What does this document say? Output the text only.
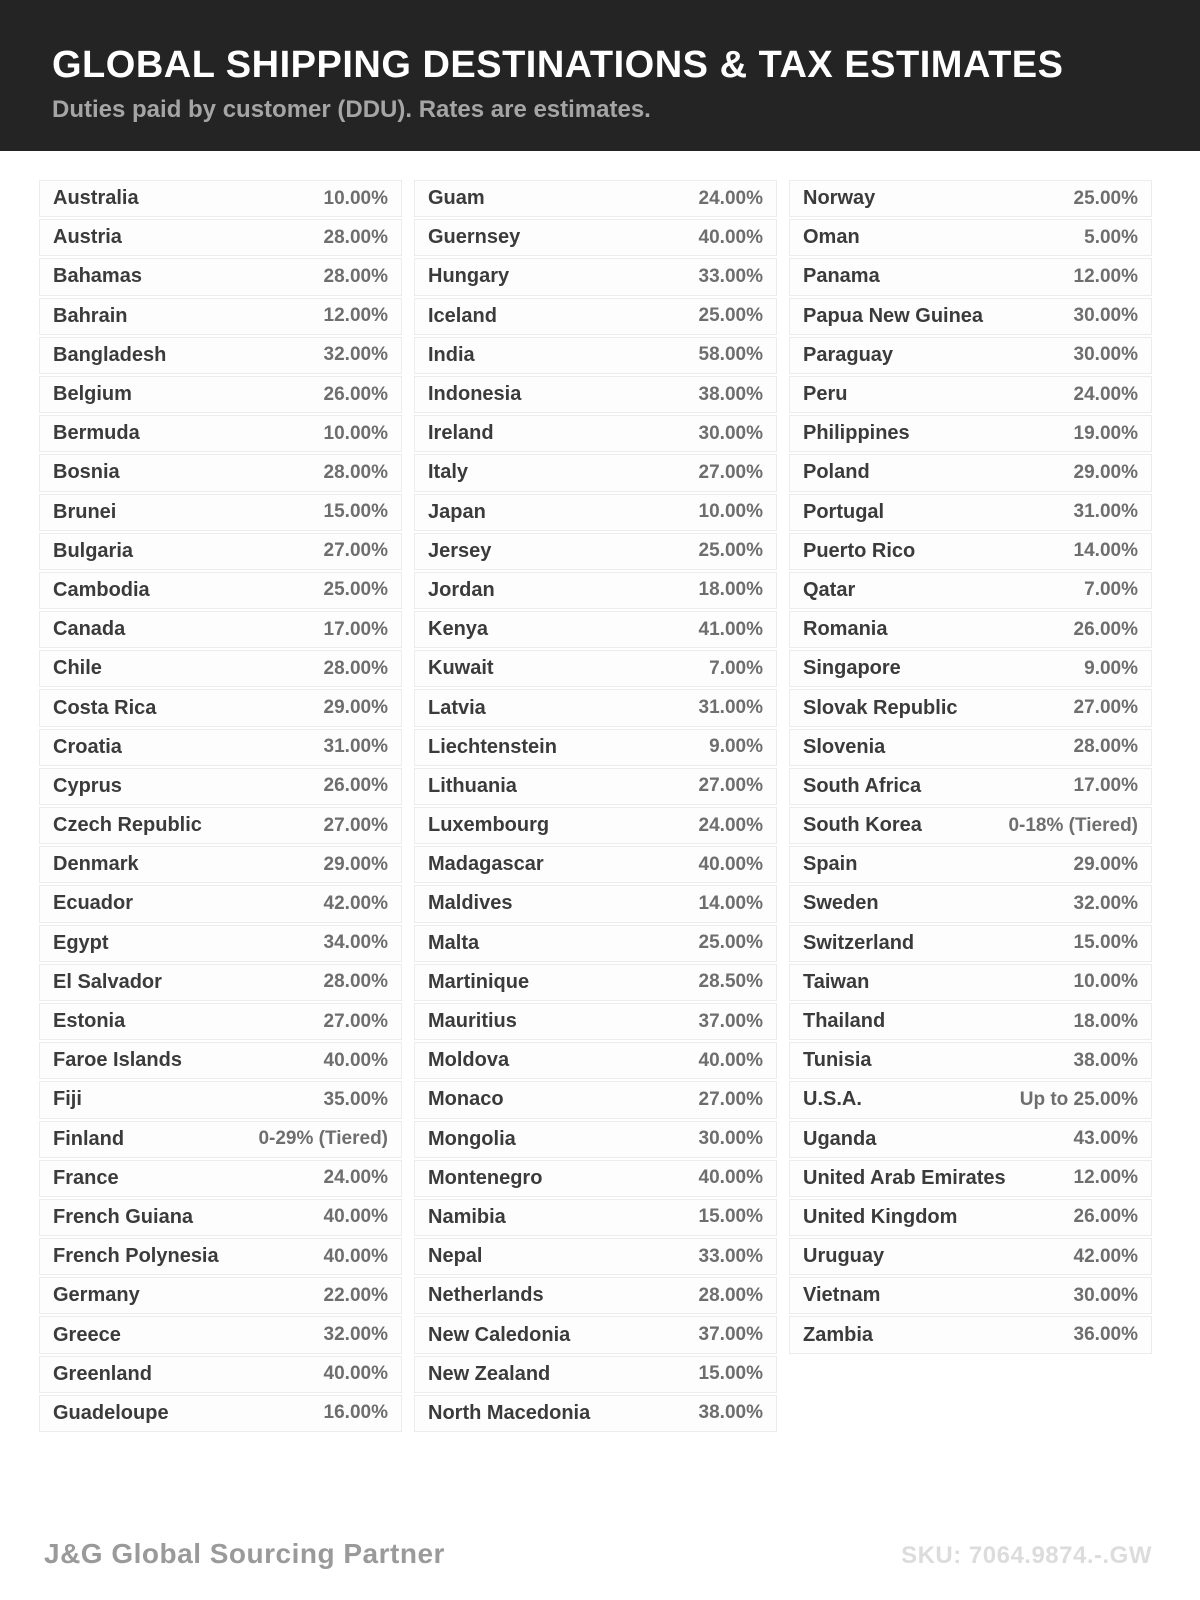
GLOBAL SHIPPING DESTINATIONS & TAX ESTIMATES

Duties paid by customer (DDU). Rates are estimates.

Australia	10.00%
Austria	28.00%
Bahamas	28.00%
Bahrain	12.00%
Bangladesh	32.00%
Belgium	26.00%
Bermuda	10.00%
Bosnia	28.00%
Brunei	15.00%
Bulgaria	27.00%
Cambodia	25.00%
Canada	17.00%
Chile	28.00%
Costa Rica	29.00%
Croatia	31.00%
Cyprus	26.00%
Czech Republic	27.00%
Denmark	29.00%
Ecuador	42.00%
Egypt	34.00%
El Salvador	28.00%
Estonia	27.00%
Faroe Islands	40.00%
Fiji	35.00%
Finland	0-29% (Tiered)
France	24.00%
French Guiana	40.00%
French Polynesia	40.00%
Germany	22.00%
Greece	32.00%
Greenland	40.00%
Guadeloupe	16.00%
Guam	24.00%
Guernsey	40.00%
Hungary	33.00%
Iceland	25.00%
India	58.00%
Indonesia	38.00%
Ireland	30.00%
Italy	27.00%
Japan	10.00%
Jersey	25.00%
Jordan	18.00%
Kenya	41.00%
Kuwait	7.00%
Latvia	31.00%
Liechtenstein	9.00%
Lithuania	27.00%
Luxembourg	24.00%
Madagascar	40.00%
Maldives	14.00%
Malta	25.00%
Martinique	28.50%
Mauritius	37.00%
Moldova	40.00%
Monaco	27.00%
Mongolia	30.00%
Montenegro	40.00%
Namibia	15.00%
Nepal	33.00%
Netherlands	28.00%
New Caledonia	37.00%
New Zealand	15.00%
North Macedonia	38.00%
Norway	25.00%
Oman	5.00%
Panama	12.00%
Papua New Guinea	30.00%
Paraguay	30.00%
Peru	24.00%
Philippines	19.00%
Poland	29.00%
Portugal	31.00%
Puerto Rico	14.00%
Qatar	7.00%
Romania	26.00%
Singapore	9.00%
Slovak Republic	27.00%
Slovenia	28.00%
South Africa	17.00%
South Korea	0-18% (Tiered)
Spain	29.00%
Sweden	32.00%
Switzerland	15.00%
Taiwan	10.00%
Thailand	18.00%
Tunisia	38.00%
U.S.A.	Up to 25.00%
Uganda	43.00%
United Arab Emirates	12.00%
United Kingdom	26.00%
Uruguay	42.00%
Vietnam	30.00%
Zambia	36.00%
J&G Global Sourcing Partner	SKU: 7064.9874.-.GW
